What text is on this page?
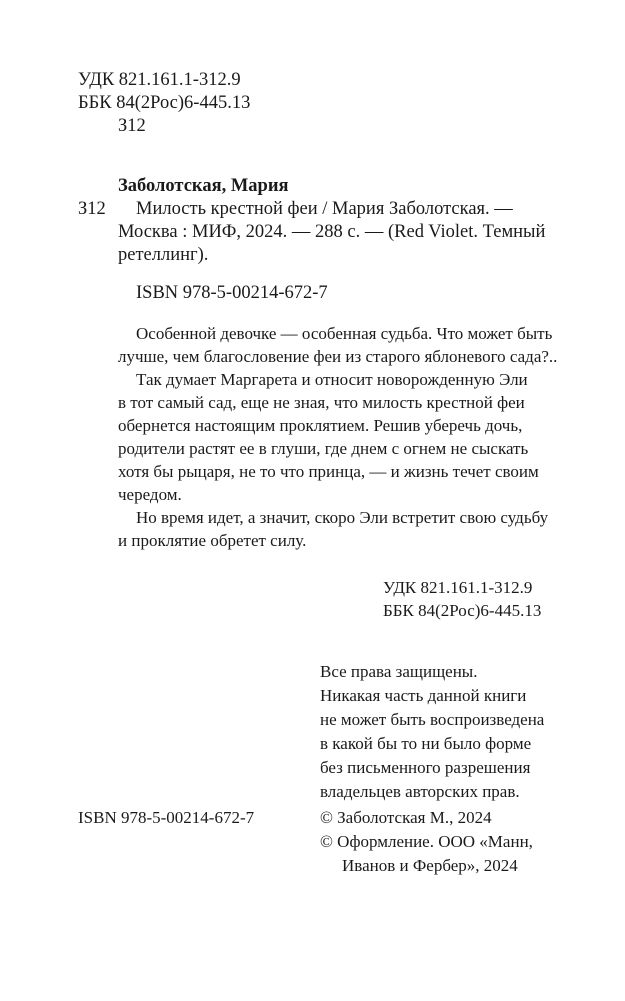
УДК 821.161.1-312.9
ББК 84(2Рос)6-445.13
З12
Заболотская, Мария
З12 Милость крестной феи / Мария Заболотская. —
Москва : МИФ, 2024. — 288 с. — (Red Violet. Темный
ретеллинг).
ISBN 978-5-00214-672-7
Особенной девочке — особенная судьба. Что может быть
лучше, чем благословение феи из старого яблоневого сада?..
Так думает Маргарета и относит новорожденную Эли
в тот самый сад, еще не зная, что милость крестной феи
обернется настоящим проклятием. Решив уберечь дочь,
родители растят ее в глуши, где днем с огнем не сыскать
хотя бы рыцаря, не то что принца, — и жизнь течет своим
чередом.
Но время идет, а значит, скоро Эли встретит свою судьбу
и проклятие обретет силу.
УДК 821.161.1-312.9
ББК 84(2Рос)6-445.13
Все права защищены.
Никакая часть данной книги
не может быть воспроизведена
в какой бы то ни было форме
без письменного разрешения
владельцев авторских прав.
ISBN 978-5-00214-672-7	© Заболотская М., 2024
© Оформление. ООО «Манн,
Иванов и Фербер», 2024
